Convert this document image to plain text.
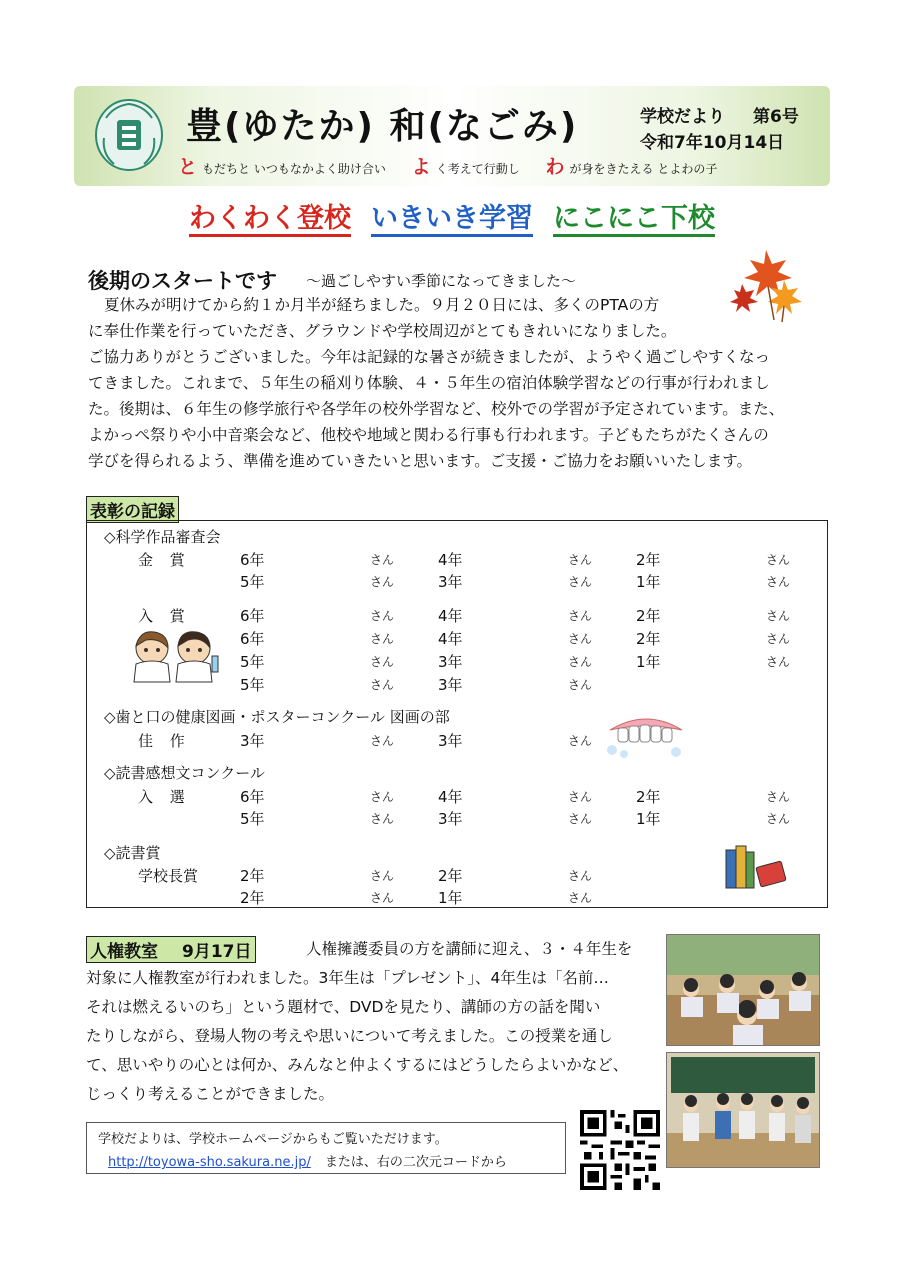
豊(ゆたか) 和(なごみ)
ともだちと いつもなかよく助け合い よ く考えて行動し わ が身をきたえる とよわの子
学校だより 第6号
令和7年10月14日
わくわく登校 いきいき学習 にこにこ下校
後期のスタートです ～過ごしやすい季節になってきました～
夏休みが明けてから約１か月半が経ちました。９月２０日には、多くのPTAの方
に奉仕作業を行っていただき、グラウンドや学校周辺がとてもきれいになりました。
ご協力ありがとうございました。今年は記録的な暑さが続きましたが、ようやく過ごしやすくなっ
てきました。これまで、５年生の稲刈り体験、４・５年生の宿泊体験学習などの行事が行われまし
た。後期は、６年生の修学旅行や各学年の校外学習など、校外での学習が予定されています。また、
よかっぺ祭りや小中音楽会など、他校や地域と関わる行事も行われます。子どもたちがたくさんの
学びを得られるよう、準備を進めていきたいと思います。ご支援・ご協力をお願いいたします。
表彰の記録
◇科学作品審査会
金 賞	6年	さん	4年	さん	2年	さん
5年	さん	3年	さん	1年	さん
入 賞	6年	さん	4年	さん	2年	さん
6年	さん	4年	さん	2年	さん
5年	さん	3年	さん	1年	さん
5年	さん	3年	さん
◇歯と口の健康図画・ポスターコンクール 図画の部
佳 作	3年	さん	3年	さん
◇読書感想文コンクール
入 選	6年	さん	4年	さん	2年	さん
5年	さん	3年	さん	1年	さん
◇読書賞
学校長賞	2年	さん	2年	さん
2年	さん	1年	さん
人権教室 9月17日	人権擁護委員の方を講師に迎え、３・４年生を
対象に人権教室が行われました。3年生は「プレゼント」、4年生は「名前…
それは燃えるいのち」という題材で、DVDを見たり、講師の方の話を聞い
たりしながら、登場人物の考えや思いについて考えました。この授業を通し
て、思いやりの心とは何か、みんなと仲よくするにはどうしたらよいかなど、
じっくり考えることができました。
学校だよりは、学校ホームページからもご覧いただけます。
http://toyowa-sho.sakura.ne.jp/ または、右の二次元コードから
